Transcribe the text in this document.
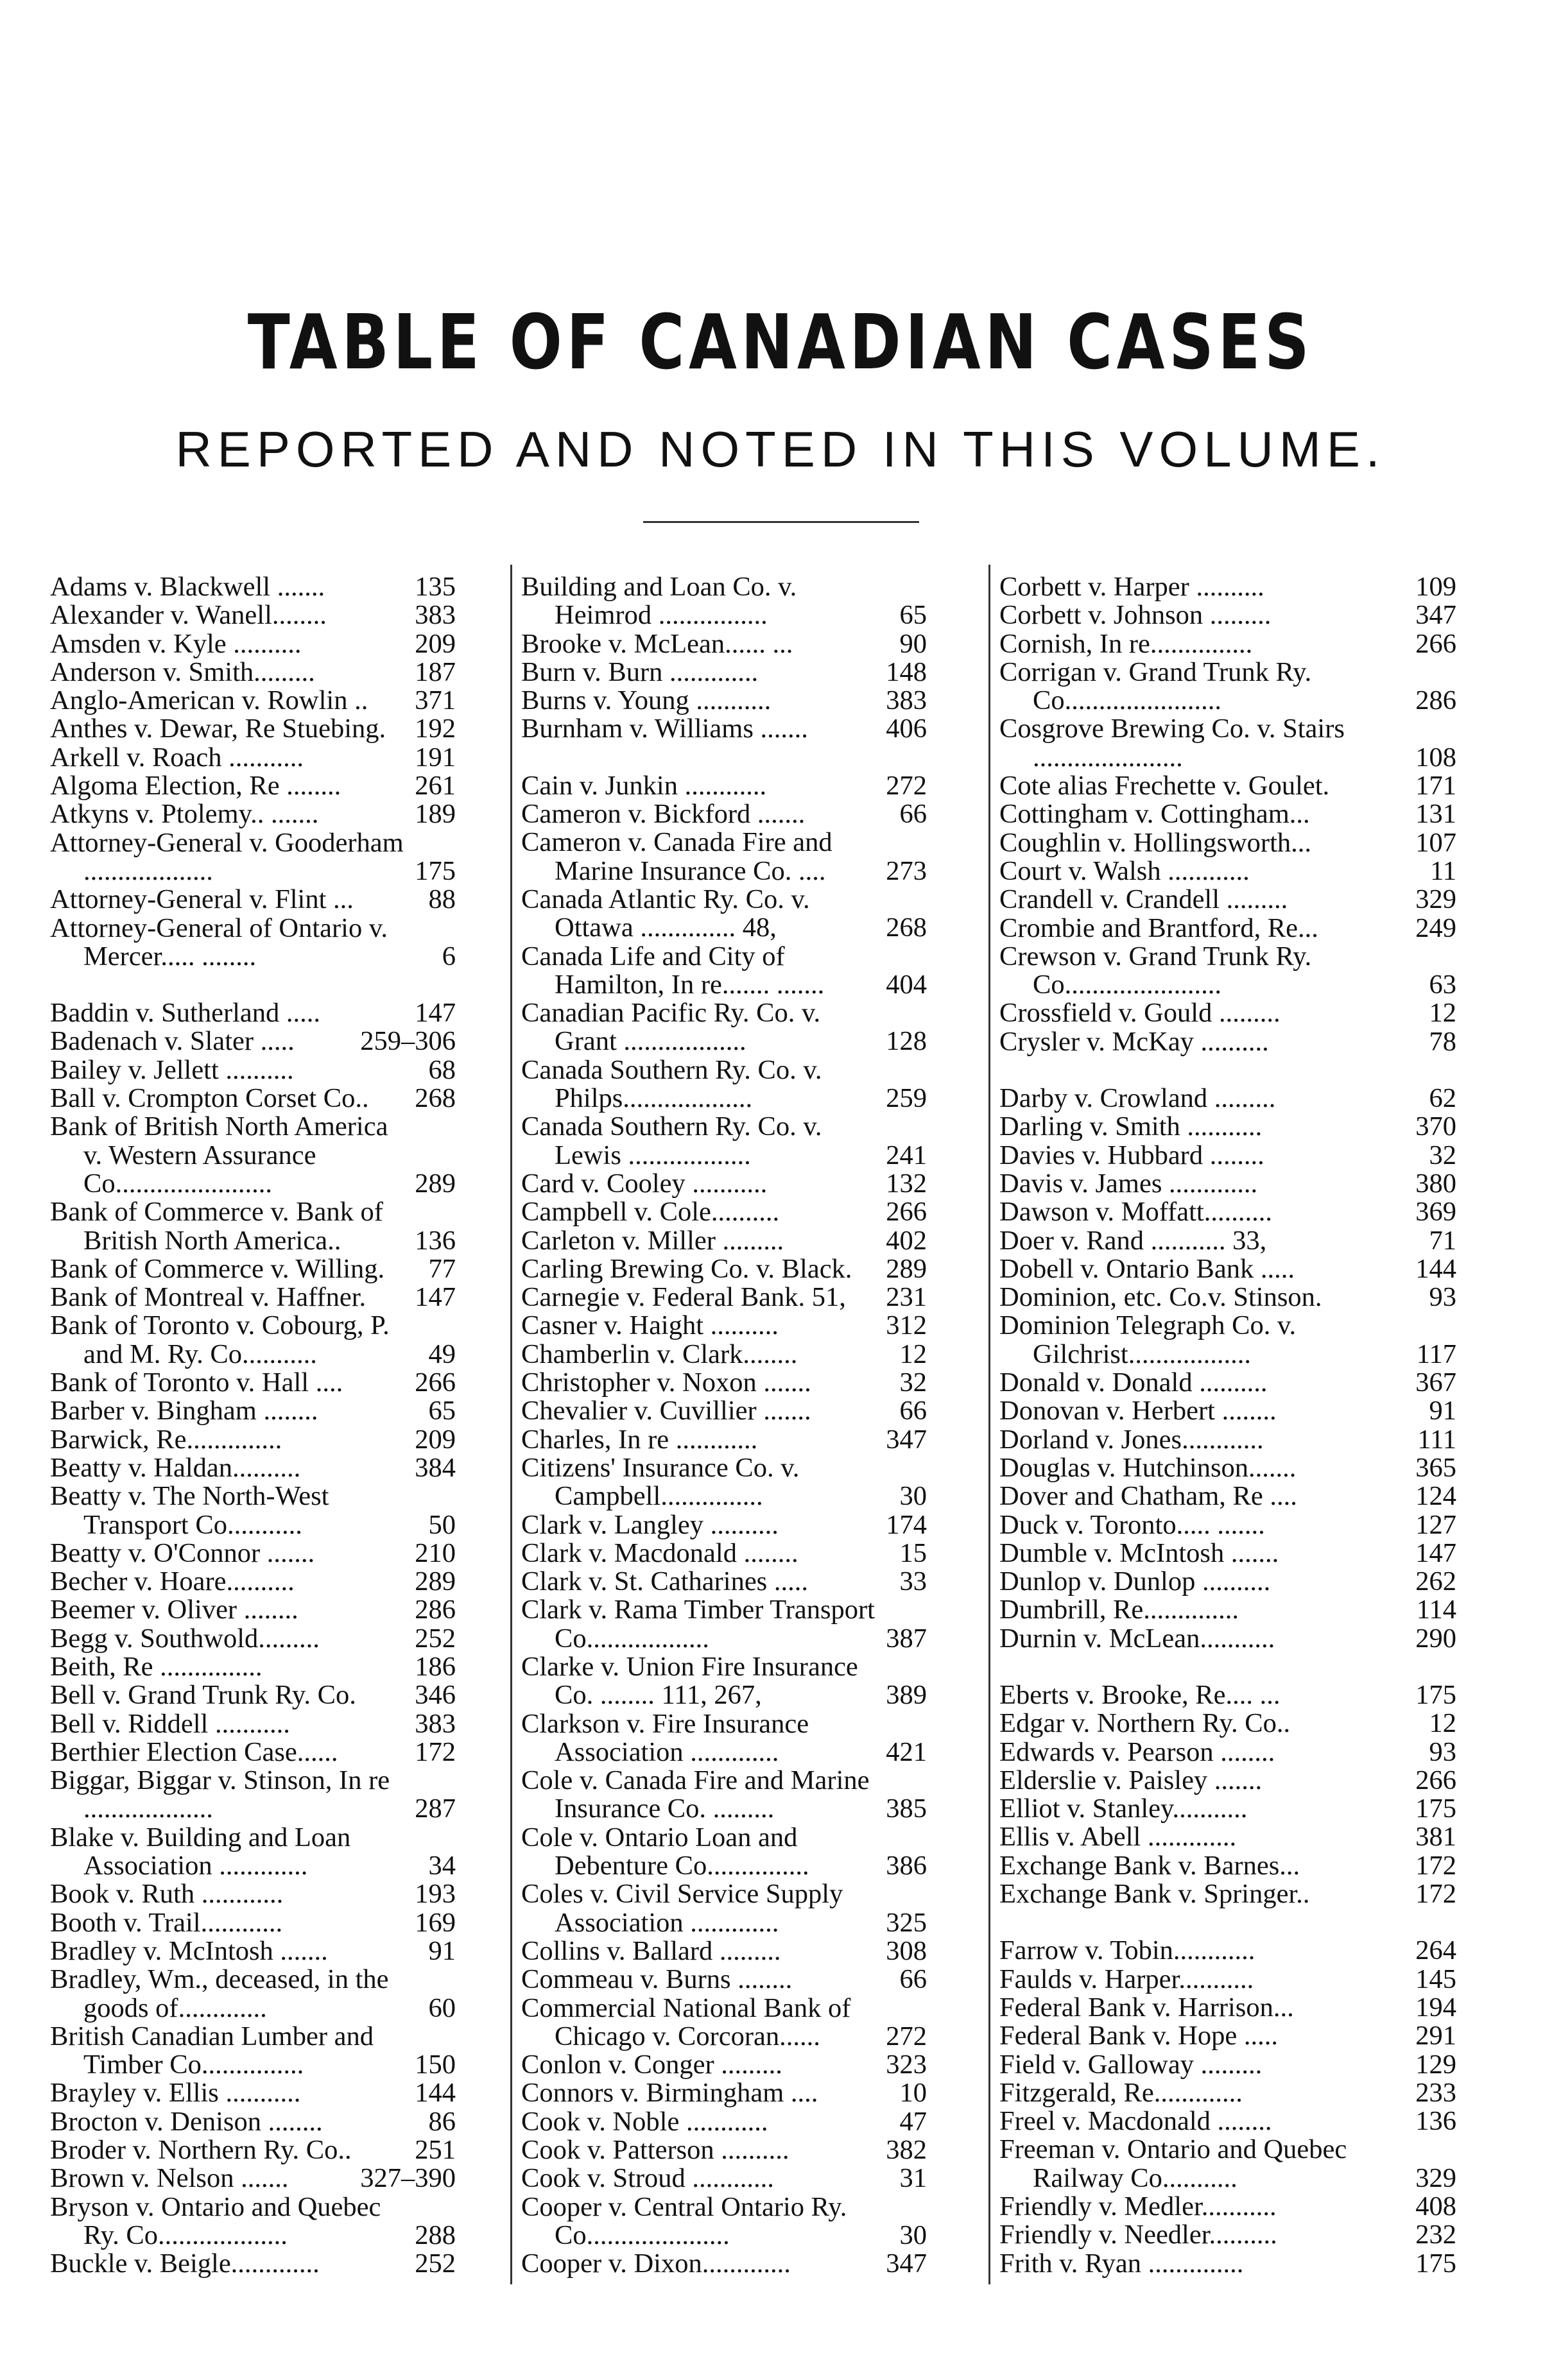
TABLE OF CANADIAN CASES
REPORTED AND NOTED IN THIS VOLUME.
Adams v. Blackwell .......	135
Alexander v. Wanell........	383
Amsden v. Kyle ..........	209
Anderson v. Smith.........	187
Anglo-American v. Rowlin ..	371
Anthes v. Dewar, Re Stuebing.	192
Arkell v. Roach ...........	191
Algoma Election, Re ........	261
Atkyns v. Ptolemy.. .......	189
Attorney-General v. Gooderham ...................	175
Attorney-General v. Flint ...	88
Attorney-General of Ontario v. Mercer..... ........	6
Baddin v. Sutherland .....	147
Badenach v. Slater .....	259–306
Bailey v. Jellett ..........	68
Ball v. Crompton Corset Co..	268
Bank of British North America v. Western Assurance Co.......................	289
Bank of Commerce v. Bank of British North America..	136
Bank of Commerce v. Willing.	77
Bank of Montreal v. Haffner.	147
Bank of Toronto v. Cobourg, P. and M. Ry. Co...........	49
Bank of Toronto v. Hall ....	266
Barber v. Bingham ........	65
Barwick, Re..............	209
Beatty v. Haldan..........	384
Beatty v. The North-West Transport Co...........	50
Beatty v. O'Connor .......	210
Becher v. Hoare..........	289
Beemer v. Oliver ........	286
Begg v. Southwold.........	252
Beith, Re ...............	186
Bell v. Grand Trunk Ry. Co.	346
Bell v. Riddell ...........	383
Berthier Election Case......	172
Biggar, Biggar v. Stinson, In re ...................	287
Blake v. Building and Loan Association .............	34
Book v. Ruth ............	193
Booth v. Trail............	169
Bradley v. McIntosh .......	91
Bradley, Wm., deceased, in the goods of.............	60
British Canadian Lumber and Timber Co...............	150
Brayley v. Ellis ...........	144
Brocton v. Denison ........	86
Broder v. Northern Ry. Co..	251
Brown v. Nelson .......	327–390
Bryson v. Ontario and Quebec Ry. Co...................	288
Buckle v. Beigle.............	252
Building and Loan Co. v. Heimrod ................	65
Brooke v. McLean...... ...	90
Burn v. Burn .............	148
Burns v. Young ...........	383
Burnham v. Williams .......	406
Cain v. Junkin ............	272
Cameron v. Bickford .......	66
Cameron v. Canada Fire and Marine Insurance Co. ....	273
Canada Atlantic Ry. Co. v. Ottawa .............. 48,	268
Canada Life and City of Hamilton, In re....... .......	404
Canadian Pacific Ry. Co. v. Grant ..................	128
Canada Southern Ry. Co. v. Philps...................	259
Canada Southern Ry. Co. v. Lewis ..................	241
Card v. Cooley ...........	132
Campbell v. Cole..........	266
Carleton v. Miller .........	402
Carling Brewing Co. v. Black.	289
Carnegie v. Federal Bank. 51,	231
Casner v. Haight ..........	312
Chamberlin v. Clark........	12
Christopher v. Noxon .......	32
Chevalier v. Cuvillier .......	66
Charles, In re ............	347
Citizens' Insurance Co. v. Campbell...............	30
Clark v. Langley ..........	174
Clark v. Macdonald ........	15
Clark v. St. Catharines .....	33
Clark v. Rama Timber Transport Co..................	387
Clarke v. Union Fire Insurance Co. ........ 111, 267,	389
Clarkson v. Fire Insurance Association .............	421
Cole v. Canada Fire and Marine Insurance Co. .........	385
Cole v. Ontario Loan and Debenture Co...............	386
Coles v. Civil Service Supply Association .............	325
Collins v. Ballard .........	308
Commeau v. Burns ........	66
Commercial National Bank of Chicago v. Corcoran......	272
Conlon v. Conger .........	323
Connors v. Birmingham ....	10
Cook v. Noble ............	47
Cook v. Patterson ..........	382
Cook v. Stroud ............	31
Cooper v. Central Ontario Ry. Co.....................	30
Cooper v. Dixon.............	347
Corbett v. Harper ..........	109
Corbett v. Johnson .........	347
Cornish, In re...............	266
Corrigan v. Grand Trunk Ry. Co.......................	286
Cosgrove Brewing Co. v. Stairs ......................	108
Cote alias Frechette v. Goulet.	171
Cottingham v. Cottingham...	131
Coughlin v. Hollingsworth...	107
Court v. Walsh ............	11
Crandell v. Crandell .........	329
Crombie and Brantford, Re...	249
Crewson v. Grand Trunk Ry. Co.......................	63
Crossfield v. Gould .........	12
Crysler v. McKay ..........	78
Darby v. Crowland .........	62
Darling v. Smith ...........	370
Davies v. Hubbard ........	32
Davis v. James .............	380
Dawson v. Moffatt..........	369
Doer v. Rand ........... 33,	71
Dobell v. Ontario Bank .....	144
Dominion, etc. Co.v. Stinson.	93
Dominion Telegraph Co. v. Gilchrist..................	117
Donald v. Donald ..........	367
Donovan v. Herbert ........	91
Dorland v. Jones............	111
Douglas v. Hutchinson.......	365
Dover and Chatham, Re ....	124
Duck v. Toronto..... .......	127
Dumble v. McIntosh .......	147
Dunlop v. Dunlop ..........	262
Dumbrill, Re..............	114
Durnin v. McLean...........	290
Eberts v. Brooke, Re.... ...	175
Edgar v. Northern Ry. Co..	12
Edwards v. Pearson ........	93
Elderslie v. Paisley .......	266
Elliot v. Stanley...........	175
Ellis v. Abell .............	381
Exchange Bank v. Barnes...	172
Exchange Bank v. Springer..	172
Farrow v. Tobin............	264
Faulds v. Harper...........	145
Federal Bank v. Harrison...	194
Federal Bank v. Hope .....	291
Field v. Galloway .........	129
Fitzgerald, Re.............	233
Freel v. Macdonald ........	136
Freeman v. Ontario and Quebec Railway Co...........	329
Friendly v. Medler...........	408
Friendly v. Needler..........	232
Frith v. Ryan ..............	175
